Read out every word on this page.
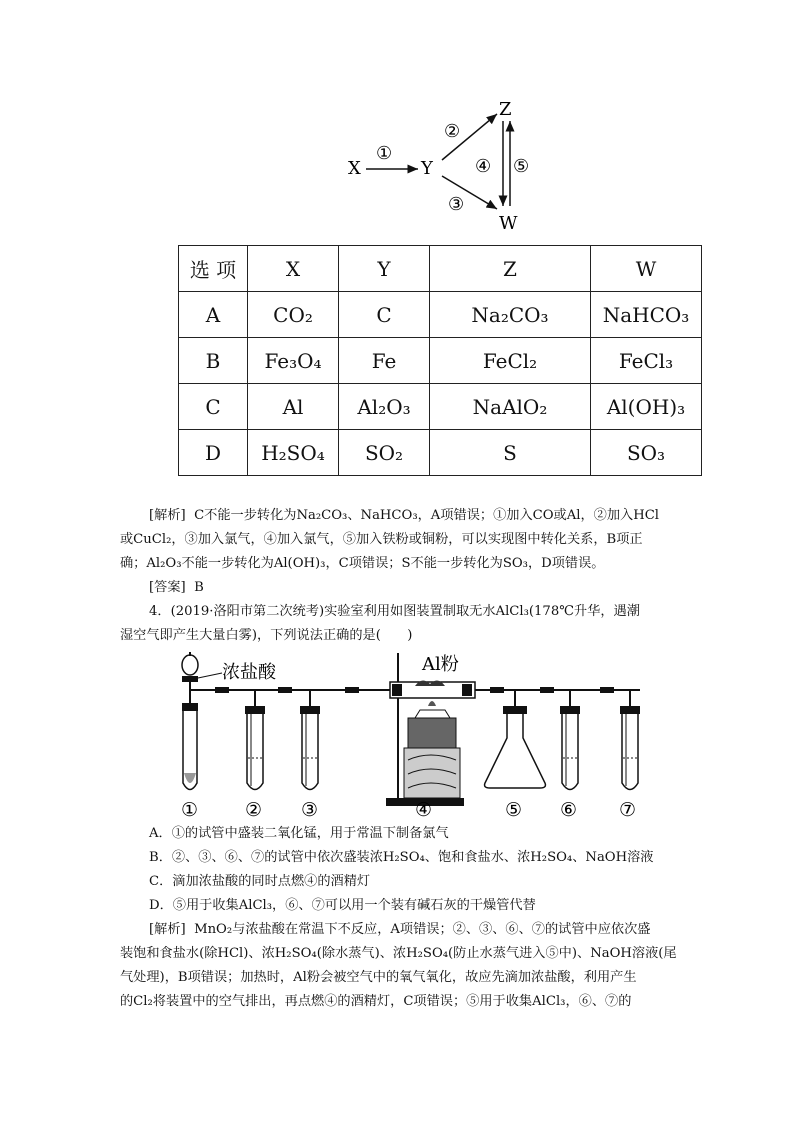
X
①
Y
②
③
Z
W
④ ⑤
选 项	X	Y	Z	W
A	CO₂	C	Na₂CO₃	NaHCO₃
B	Fe₃O₄	Fe	FeCl₂	FeCl₃
C	Al	Al₂O₃	NaAlO₂	Al(OH)₃
D	H₂SO₄	SO₂	S	SO₃
[解析] C不能一步转化为Na₂CO₃、NaHCO₃，A项错误；①加入CO或Al，②加入HCl
或CuCl₂，③加入氯气，④加入氯气，⑤加入铁粉或铜粉，可以实现图中转化关系，B项正
确；Al₂O₃不能一步转化为Al(OH)₃，C项错误；S不能一步转化为SO₃，D项错误。
[答案] B
4．(2019·洛阳市第二次统考)实验室利用如图装置制取无水AlCl₃(178℃升华，遇潮
湿空气即产生大量白雾)，下列说法正确的是(　　)
浓盐酸	Al粉
① ② ③	④	⑤ ⑥ ⑦
A．①的试管中盛装二氧化锰，用于常温下制备氯气
B．②、③、⑥、⑦的试管中依次盛装浓H₂SO₄、饱和食盐水、浓H₂SO₄、NaOH溶液
C．滴加浓盐酸的同时点燃④的酒精灯
D．⑤用于收集AlCl₃，⑥、⑦可以用一个装有碱石灰的干燥管代替
[解析] MnO₂与浓盐酸在常温下不反应，A项错误；②、③、⑥、⑦的试管中应依次盛
装饱和食盐水(除HCl)、浓H₂SO₄(除水蒸气)、浓H₂SO₄(防止水蒸气进入⑤中)、NaOH溶液(尾
气处理)，B项错误；加热时，Al粉会被空气中的氧气氧化，故应先滴加浓盐酸，利用产生
的Cl₂将装置中的空气排出，再点燃④的酒精灯，C项错误；⑤用于收集AlCl₃，⑥、⑦的
